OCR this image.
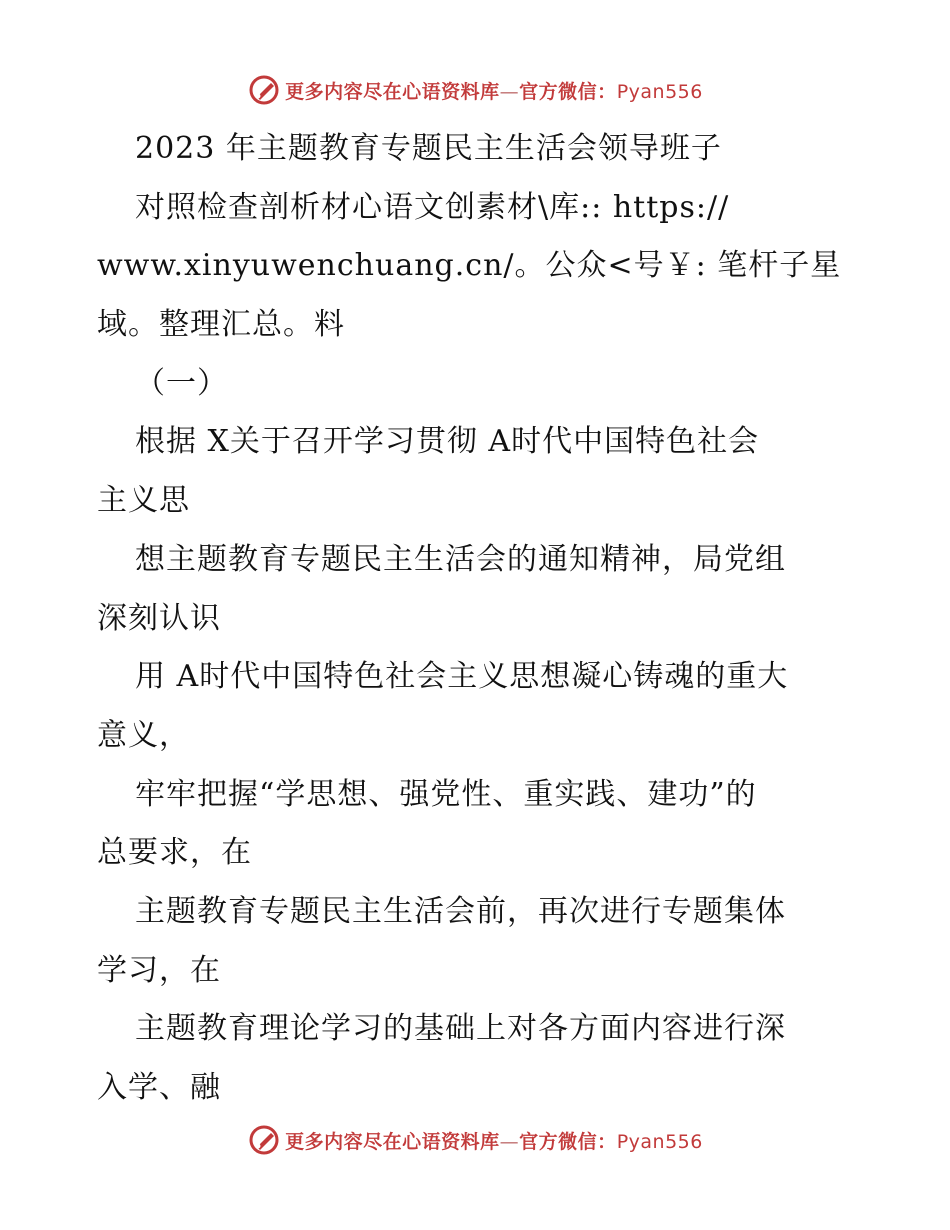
更多内容尽在心语资料库—官方微信：Pyan556
2023 年主题教育专题民主生活会领导班子
对照检查剖析材心语文创素材\库:: https://
www.xinyuwenchuang.cn/。公众<号￥: 笔杆子星
域。整理汇总。料
（一）
根据 X关于召开学习贯彻 A时代中国特色社会
主义思
想主题教育专题民主生活会的通知精神，局党组
深刻认识
用 A时代中国特色社会主义思想凝心铸魂的重大
意义，
牢牢把握“学思想、强党性、重实践、建功”的
总要求，在
主题教育专题民主生活会前，再次进行专题集体
学习，在
主题教育理论学习的基础上对各方面内容进行深
入学、融
更多内容尽在心语资料库—官方微信：Pyan556
